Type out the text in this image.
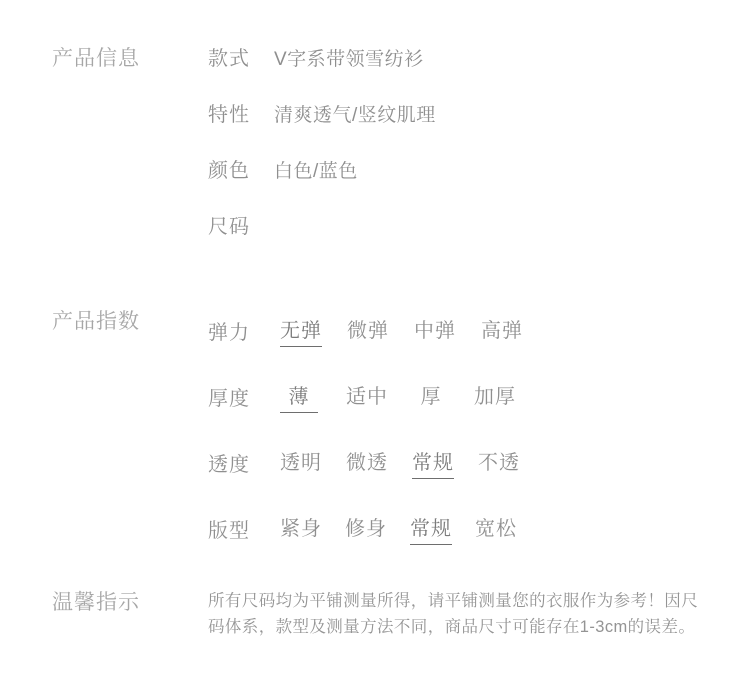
产品信息	款式	V字系带领雪纺衫
特性	清爽透气/竖纹肌理
颜色	白色/蓝色
尺码
产品指数	弹力	无弹 微弹 中弹 高弹
厚度	薄	适中 厚 加厚
透度	透明 微透 常规 不透
版型	紧身 修身 常规 宽松
温馨指示	所有尺码均为平铺测量所得，请平铺测量您的衣服作为参考！因尺码体系，款型及测量方法不同，商品尺寸可能存在1-3cm的误差。
